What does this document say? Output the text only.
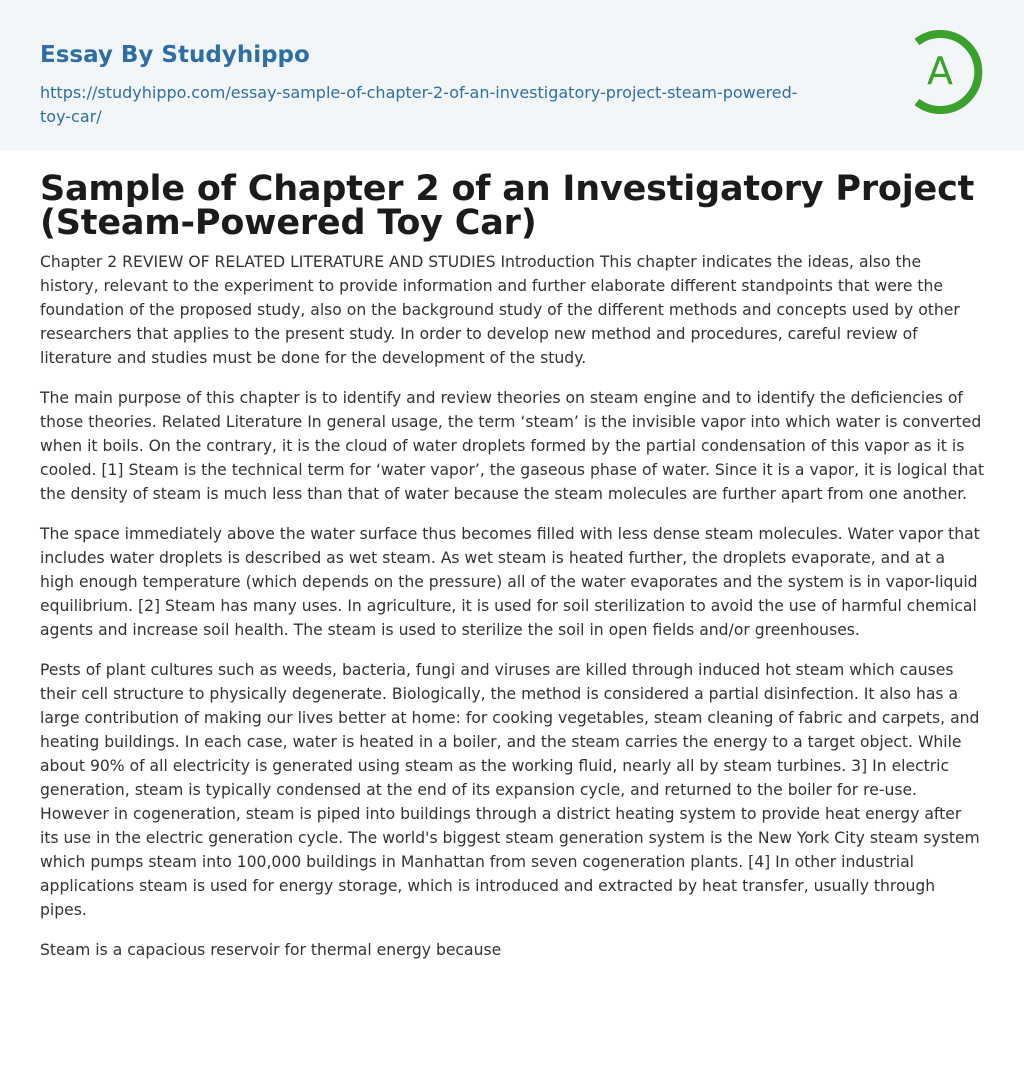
Essay By Studyhippo
https://studyhippo.com/essay-sample-of-chapter-2-of-an-investigatory-project-steam-powered-toy-car/
A
Sample of Chapter 2 of an Investigatory Project (Steam-Powered Toy Car)

Chapter 2 REVIEW OF RELATED LITERATURE AND STUDIES Introduction This chapter indicates the ideas, also the history, relevant to the experiment to provide information and further elaborate different standpoints that were the foundation of the proposed study, also on the background study of the different methods and concepts used by other researchers that applies to the present study. In order to develop new method and procedures, careful review of literature and studies must be done for the development of the study.

The main purpose of this chapter is to identify and review theories on steam engine and to identify the deficiencies of those theories. Related Literature In general usage, the term ‘steam’ is the invisible vapor into which water is converted when it boils. On the contrary, it is the cloud of water droplets formed by the partial condensation of this vapor as it is cooled. [1] Steam is the technical term for ‘water vapor’, the gaseous phase of water. Since it is a vapor, it is logical that the density of steam is much less than that of water because the steam molecules are further apart from one another.

The space immediately above the water surface thus becomes filled with less dense steam molecules. Water vapor that includes water droplets is described as wet steam. As wet steam is heated further, the droplets evaporate, and at a high enough temperature (which depends on the pressure) all of the water evaporates and the system is in vapor-liquid equilibrium. [2] Steam has many uses. In agriculture, it is used for soil sterilization to avoid the use of harmful chemical agents and increase soil health. The steam is used to sterilize the soil in open fields and/or greenhouses.

Pests of plant cultures such as weeds, bacteria, fungi and viruses are killed through induced hot steam which causes their cell structure to physically degenerate. Biologically, the method is considered a partial disinfection. It also has a large contribution of making our lives better at home: for cooking vegetables, steam cleaning of fabric and carpets, and heating buildings. In each case, water is heated in a boiler, and the steam carries the energy to a target object. While about 90% of all electricity is generated using steam as the working fluid, nearly all by steam turbines. 3] In electric generation, steam is typically condensed at the end of its expansion cycle, and returned to the boiler for re-use. However in cogeneration, steam is piped into buildings through a district heating system to provide heat energy after its use in the electric generation cycle. The world's biggest steam generation system is the New York City steam system which pumps steam into 100,000 buildings in Manhattan from seven cogeneration plants. [4] In other industrial applications steam is used for energy storage, which is introduced and extracted by heat transfer, usually through pipes.

Steam is a capacious reservoir for thermal energy because
